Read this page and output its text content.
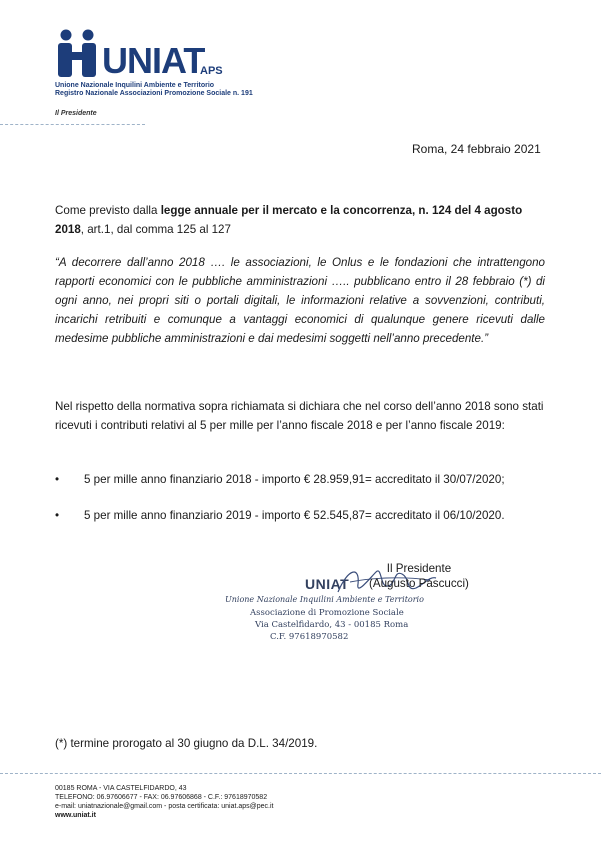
UNIAT
APS
Unione Nazionale Inquilini Ambiente e Territorio
Registro Nazionale Associazioni Promozione Sociale n. 191
Il Presidente
Roma, 24 febbraio 2021
Come previsto dalla legge annuale per il mercato e la concorrenza, n. 124 del 4 agosto 2018, art.1, dal comma 125 al 127
“A decorrere dall’anno 2018 …. le associazioni, le Onlus e le fondazioni che intrattengono rapporti economici con le pubbliche amministrazioni ….. pubblicano entro il 28 febbraio (*) di ogni anno, nei propri siti o portali digitali, le informazioni relative a sovvenzioni, contributi, incarichi retribuiti e comunque a vantaggi economici di qualunque genere ricevuti dalle medesime pubbliche amministrazioni e dai medesimi soggetti nell’anno precedente.”
Nel rispetto della normativa sopra richiamata si dichiara che nel corso dell’anno 2018 sono stati ricevuti i contributi relativi al 5 per mille per l’anno fiscale 2018 e per l’anno fiscale 2019:
• 5 per mille anno finanziario 2018 - importo € 28.959,91= accreditato il 30/07/2020;
• 5 per mille anno finanziario 2019 - importo € 52.545,87= accreditato il 06/10/2020.
UNIAT
Unione Nazionale Inquilini Ambiente e Territorio
Associazione di Promozione Sociale
Via Castelfidardo, 43 - 00185 Roma
C.F. 97618970582
Il Presidente
(Augusto Pascucci)
(*) termine prorogato al 30 giugno da D.L. 34/2019.
00185 ROMA - VIA CASTELFIDARDO, 43
TELEFONO: 06.97606677 - FAX: 06.97606868 - C.F.: 97618970582
e-mail: uniatnazionale@gmail.com - posta certificata: uniat.aps@pec.it
www.uniat.it
